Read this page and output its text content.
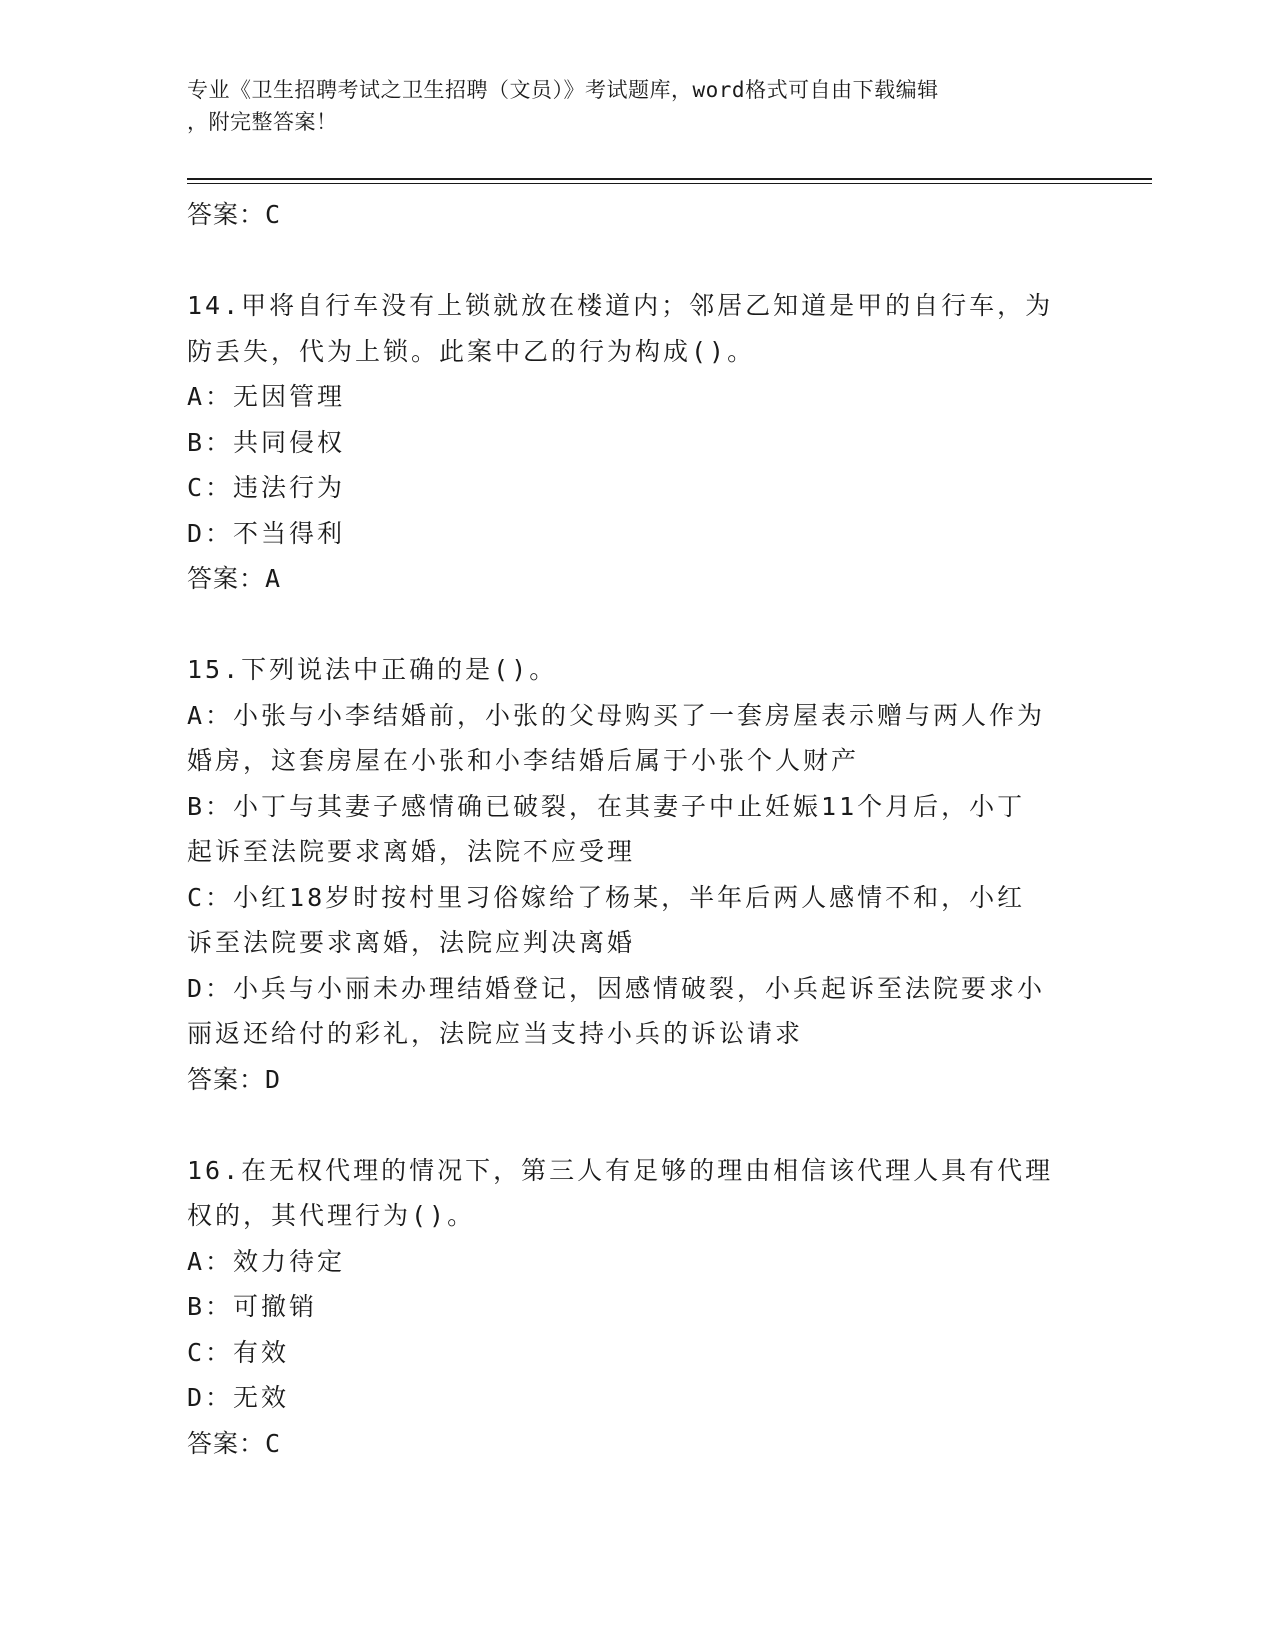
专业《卫生招聘考试之卫生招聘（文员）》考试题库，word格式可自由下载编辑
，附完整答案！
答案：C
14.甲将自行车没有上锁就放在楼道内；邻居乙知道是甲的自行车，为
防丢失，代为上锁。此案中乙的行为构成()。
A：无因管理
B：共同侵权
C：违法行为
D：不当得利
答案：A
15.下列说法中正确的是()。
A：小张与小李结婚前，小张的父母购买了一套房屋表示赠与两人作为
婚房，这套房屋在小张和小李结婚后属于小张个人财产
B：小丁与其妻子感情确已破裂，在其妻子中止妊娠11个月后，小丁
起诉至法院要求离婚，法院不应受理
C：小红18岁时按村里习俗嫁给了杨某，半年后两人感情不和，小红
诉至法院要求离婚，法院应判决离婚
D：小兵与小丽未办理结婚登记，因感情破裂，小兵起诉至法院要求小
丽返还给付的彩礼，法院应当支持小兵的诉讼请求
答案：D
16.在无权代理的情况下，第三人有足够的理由相信该代理人具有代理
权的，其代理行为()。
A：效力待定
B：可撤销
C：有效
D：无效
答案：C
